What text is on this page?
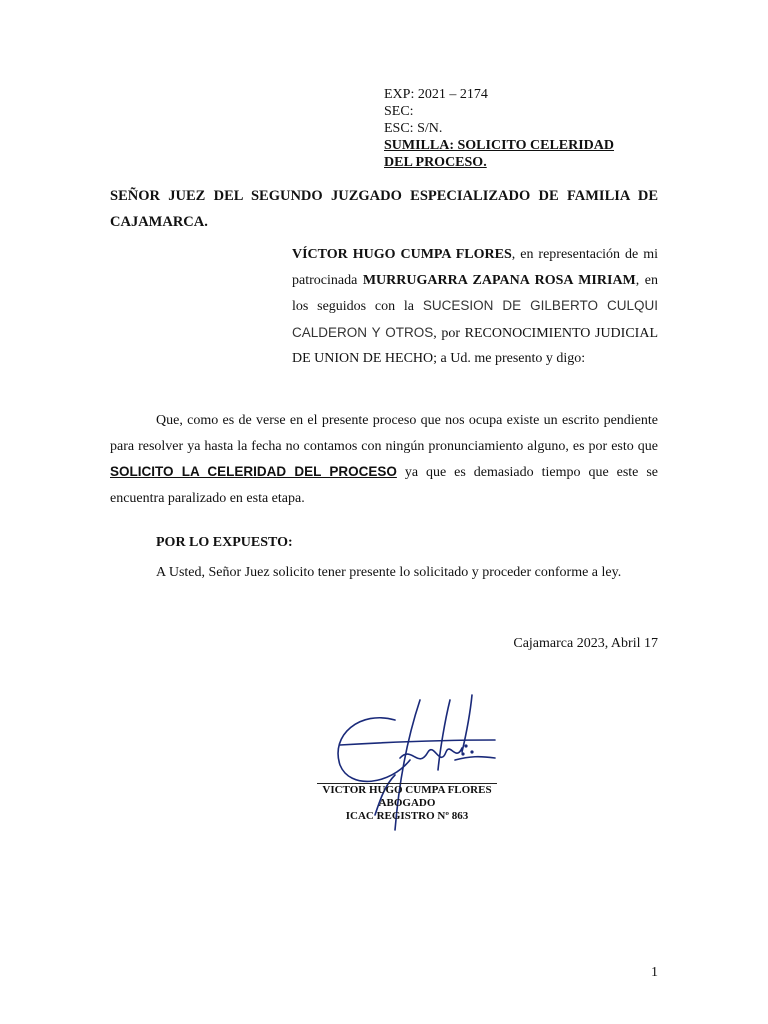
EXP: 2021 – 2174
SEC:
ESC: S/N.
SUMILLA: SOLICITO CELERIDAD
DEL PROCESO.
SEÑOR JUEZ DEL SEGUNDO JUZGADO ESPECIALIZADO DE FAMILIA DE CAJAMARCA.
VÍCTOR HUGO CUMPA FLORES, en representación de mi patrocinada MURRUGARRA ZAPANA ROSA MIRIAM, en los seguidos con la SUCESION DE GILBERTO CULQUI CALDERON Y OTROS, por RECONOCIMIENTO JUDICIAL DE UNION DE HECHO; a Ud. me presento y digo:
Que, como es de verse en el presente proceso que nos ocupa existe un escrito pendiente para resolver ya hasta la fecha no contamos con ningún pronunciamiento alguno, es por esto que SOLICITO LA CELERIDAD DEL PROCESO ya que es demasiado tiempo que este se encuentra paralizado en esta etapa.
POR LO EXPUESTO:
A Usted, Señor Juez solicito tener presente lo solicitado y proceder conforme a ley.
Cajamarca 2023, Abril 17
VICTOR HUGO CUMPA FLORES
ABOGADO
ICAC REGISTRO Nº 863
1
